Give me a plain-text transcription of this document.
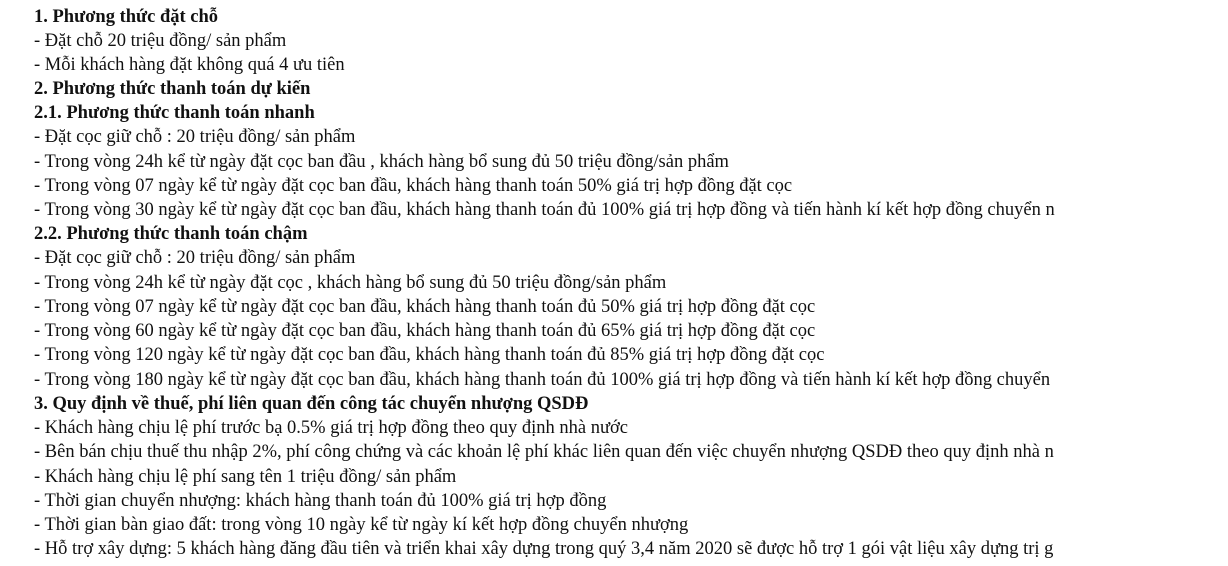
1. Phương thức đặt chỗ
- Đặt chỗ 20 triệu đồng/ sản phẩm
- Mỗi khách hàng đặt không quá 4 ưu tiên
2. Phương thức thanh toán dự kiến
2.1. Phương thức thanh toán nhanh
- Đặt cọc giữ chỗ : 20 triệu đồng/ sản phẩm
- Trong vòng 24h kể từ ngày đặt cọc ban đầu , khách hàng bổ sung đủ 50 triệu đồng/sản phẩm
- Trong vòng 07 ngày kể từ ngày đặt cọc ban đầu, khách hàng thanh toán 50% giá trị hợp đồng đặt cọc
- Trong vòng 30 ngày kể từ ngày đặt cọc ban đầu, khách hàng thanh toán đủ 100% giá trị hợp đồng và tiến hành kí kết hợp đồng chuyển n
2.2. Phương thức thanh toán chậm
- Đặt cọc giữ chỗ : 20 triệu đồng/ sản phẩm
- Trong vòng 24h kể từ ngày đặt cọc , khách hàng bổ sung đủ 50 triệu đồng/sản phẩm
- Trong vòng 07 ngày kể từ ngày đặt cọc ban đầu, khách hàng thanh toán đủ 50% giá trị hợp đồng đặt cọc
- Trong vòng 60 ngày kể từ ngày đặt cọc ban đầu, khách hàng thanh toán đủ 65% giá trị hợp đồng đặt cọc
- Trong vòng 120 ngày kể từ ngày đặt cọc ban đầu, khách hàng thanh toán đủ 85% giá trị hợp đồng đặt cọc
- Trong vòng 180 ngày kể từ ngày đặt cọc ban đầu, khách hàng thanh toán đủ 100% giá trị hợp đồng và tiến hành kí kết hợp đồng chuyển
3. Quy định về thuế, phí liên quan đến công tác chuyển nhượng QSDĐ
- Khách hàng chịu lệ phí trước bạ 0.5% giá trị hợp đồng theo quy định nhà nước
- Bên bán chịu thuế thu nhập 2%, phí công chứng và các khoản lệ phí khác liên quan đến việc chuyển nhượng QSDĐ theo quy định nhà n
- Khách hàng chịu lệ phí sang tên 1 triệu đồng/ sản phẩm
- Thời gian chuyển nhượng: khách hàng thanh toán đủ 100% giá trị hợp đồng
- Thời gian bàn giao đất: trong vòng 10 ngày kể từ ngày kí kết hợp đồng chuyển nhượng
- Hỗ trợ xây dựng: 5 khách hàng đăng đầu tiên và triển khai xây dựng trong quý 3,4 năm 2020 sẽ được hỗ trợ 1 gói vật liệu xây dựng trị g
